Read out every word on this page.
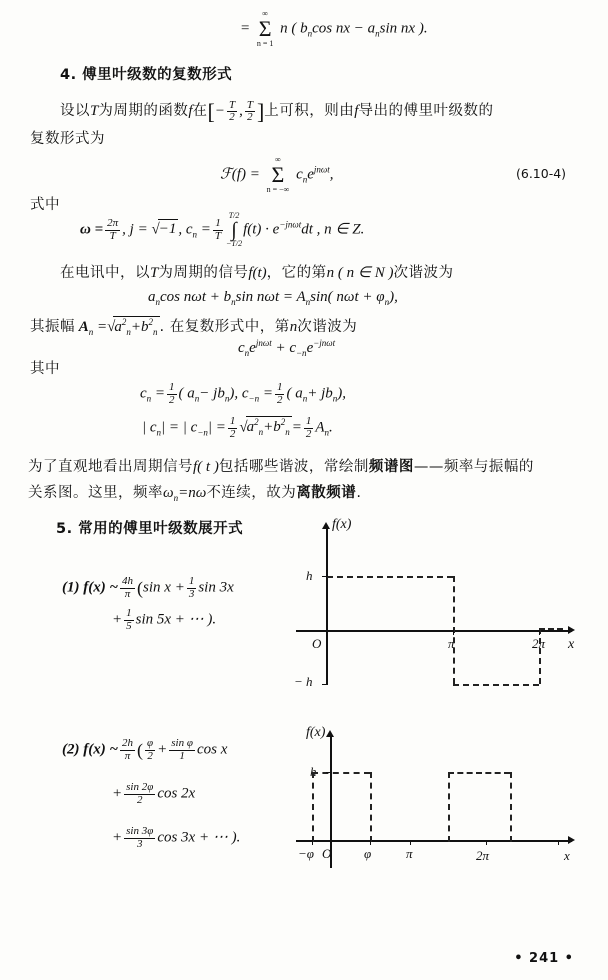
=
∞
Σ
n = 1
n ( $b_n\cos$ nx − $a_n\sin$ nx ).
4. 傅里叶级数的复数形式
设以T为周期的函数f在[− $\frac{T}{2}$ , $\frac{T}{2}$ ]上可积，则由f导出的傅里叶级数的
复数形式为
ℱ(f) =
∞
Σ
n = −∞
$c_ne^{jn\omega t}$,	(6.10-4)
式中
$\omega = \frac{2\pi}{T}$ , j = √−1 , $c_n = \frac{1}{T}$
T/2
∫
−T/2
$f(t) \cdot e^{-jn\omega t}dt$ , n ∈ Z.
在电讯中，以T为周期的信号f(t)，它的第n ( n ∈ N )次谐波为
$a_n\cos$ $n\omega t + b_n\sin$ $n\omega t = A_n\sin$( $n\omega t + \varphi_n$),
其振幅 $A_n =√a^2_n+b^2_n$ . 在复数形式中，第n次谐波为
$c_ne^{jn\omega t} + c_{-n}e^{-jn\omega t}$
其中
$c_n = \frac{1}{2}$ ( $a_n- jb_n$), $c_{-n} = \frac{1}{2}$ ( $a_n+ jb_n$),
| $c_n|$ = | $c_{-n}| = \frac{1}{2} √a^2_n+b^2_n = \frac{1}{2} A_n$.
为了直观地看出周期信号f( t )包括哪些谐波，常绘制频谱图——频率与振幅的
关系图。这里，频率$\omega_n=n\omega$不连续，故为离散频谱.
5. 常用的傅里叶级数展开式
(1) f(x) ~ $\frac{4h}{\pi} (\sin$ $x + \frac{1}{3}$ sin 3x
+ $\frac{1}{5}$ sin 5x + ⋯ ).
f(x)
x
O
h
− h
π	2π
(2) f(x) ~ $\frac{2h}{\pi}$ ( $\frac{\varphi}{2} + \frac{\text{sin φ}}{1}$ cos x
+ $\frac{\sin 2\varphi}{2}$ cos 2x
+ $\frac{\sin 3\varphi}{3}$ cos 3x + ⋯ ).
f(x)
x
O
h
−φ	φ	π	2π
• 241 •
